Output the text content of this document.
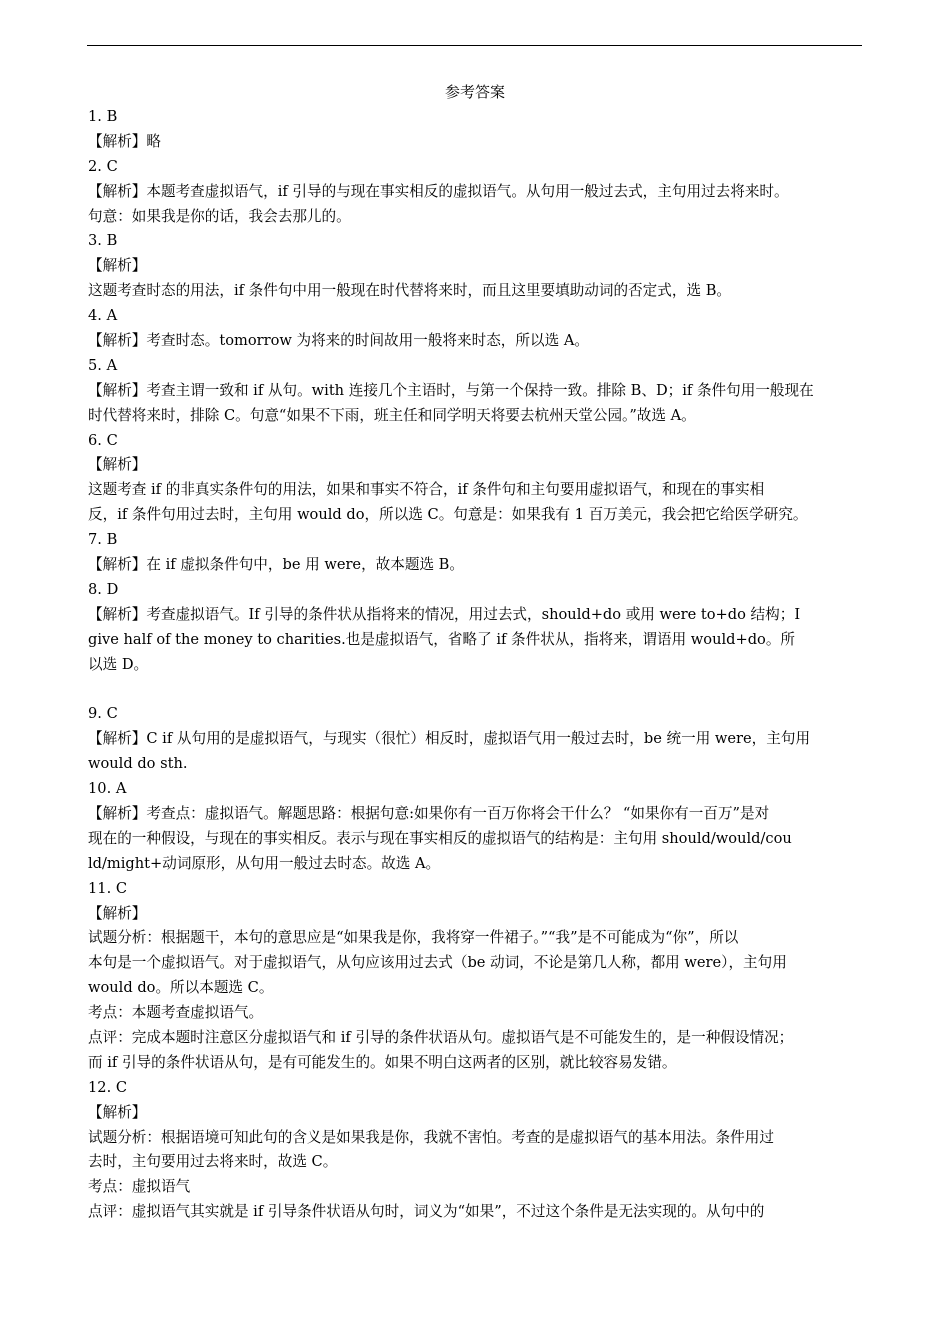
参考答案
1. B
【解析】略
2. C
【解析】本题考查虚拟语气，if 引导的与现在事实相反的虚拟语气。从句用一般过去式，主句用过去将来时。
句意：如果我是你的话，我会去那儿的。
3. B
【解析】
这题考查时态的用法，if 条件句中用一般现在时代替将来时，而且这里要填助动词的否定式，选 B。
4. A
【解析】考查时态。tomorrow 为将来的时间故用一般将来时态，所以选 A。
5. A
【解析】考查主谓一致和 if 从句。with 连接几个主语时，与第一个保持一致。排除 B、D；if 条件句用一般现在
时代替将来时，排除 C。句意“如果不下雨，班主任和同学明天将要去杭州天堂公园。”故选 A。
6. C
【解析】
这题考查 if 的非真实条件句的用法，如果和事实不符合，if 条件句和主句要用虚拟语气，和现在的事实相
反，if 条件句用过去时，主句用 would do，所以选 C。句意是：如果我有 1 百万美元，我会把它给医学研究。
7. B
【解析】在 if 虚拟条件句中，be 用 were，故本题选 B。
8. D
【解析】考查虚拟语气。If 引导的条件状从指将来的情况，用过去式，should+do 或用 were to+do 结构；I
give half of the money to charities.也是虚拟语气，省略了 if 条件状从，指将来，谓语用 would+do。所
以选 D。
9. C
【解析】C if 从句用的是虚拟语气，与现实（很忙）相反时，虚拟语气用一般过去时，be 统一用 were，主句用
would do sth.
10. A
【解析】考查点：虚拟语气。解题思路：根据句意:如果你有一百万你将会干什么？ “如果你有一百万”是对
现在的一种假设，与现在的事实相反。表示与现在事实相反的虚拟语气的结构是：主句用 should/would/cou
ld/might+动词原形，从句用一般过去时态。故选 A。
11. C
【解析】
试题分析：根据题干，本句的意思应是“如果我是你，我将穿一件裙子。”“我”是不可能成为“你”，所以
本句是一个虚拟语气。对于虚拟语气，从句应该用过去式（be 动词，不论是第几人称，都用 were），主句用
would do。所以本题选 C。
考点：本题考查虚拟语气。
点评：完成本题时注意区分虚拟语气和 if 引导的条件状语从句。虚拟语气是不可能发生的，是一种假设情况；
而 if 引导的条件状语从句，是有可能发生的。如果不明白这两者的区别，就比较容易发错。
12. C
【解析】
试题分析：根据语境可知此句的含义是如果我是你，我就不害怕。考查的是虚拟语气的基本用法。条件用过
去时，主句要用过去将来时，故选 C。
考点：虚拟语气
点评：虚拟语气其实就是 if 引导条件状语从句时，词义为“如果”，不过这个条件是无法实现的。从句中的
